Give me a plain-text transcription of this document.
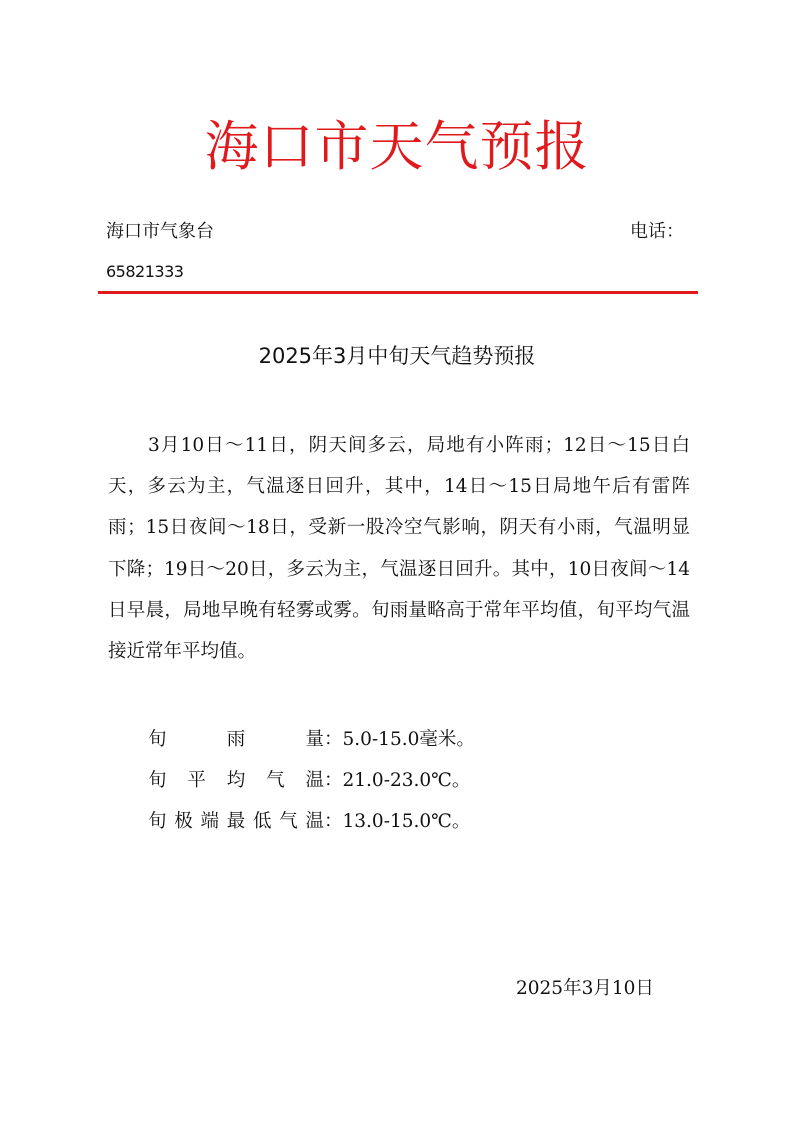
海口市天气预报
海口市气象台	电话：
65821333
2025年3月中旬天气趋势预报
3月10日～11日，阴天间多云，局地有小阵雨；12日～15日白天，多云为主，气温逐日回升，其中，14日～15日局地午后有雷阵雨；15日夜间～18日，受新一股冷空气影响，阴天有小雨，气温明显下降；19日～20日，多云为主，气温逐日回升。其中，10日夜间～14日早晨，局地早晚有轻雾或雾。旬雨量略高于常年平均值，旬平均气温接近常年平均值。
旬雨量：5.0-15.0毫米。
旬平均气温：21.0-23.0℃。
旬极端最低气温：13.0-15.0℃。
2025年3月10日
